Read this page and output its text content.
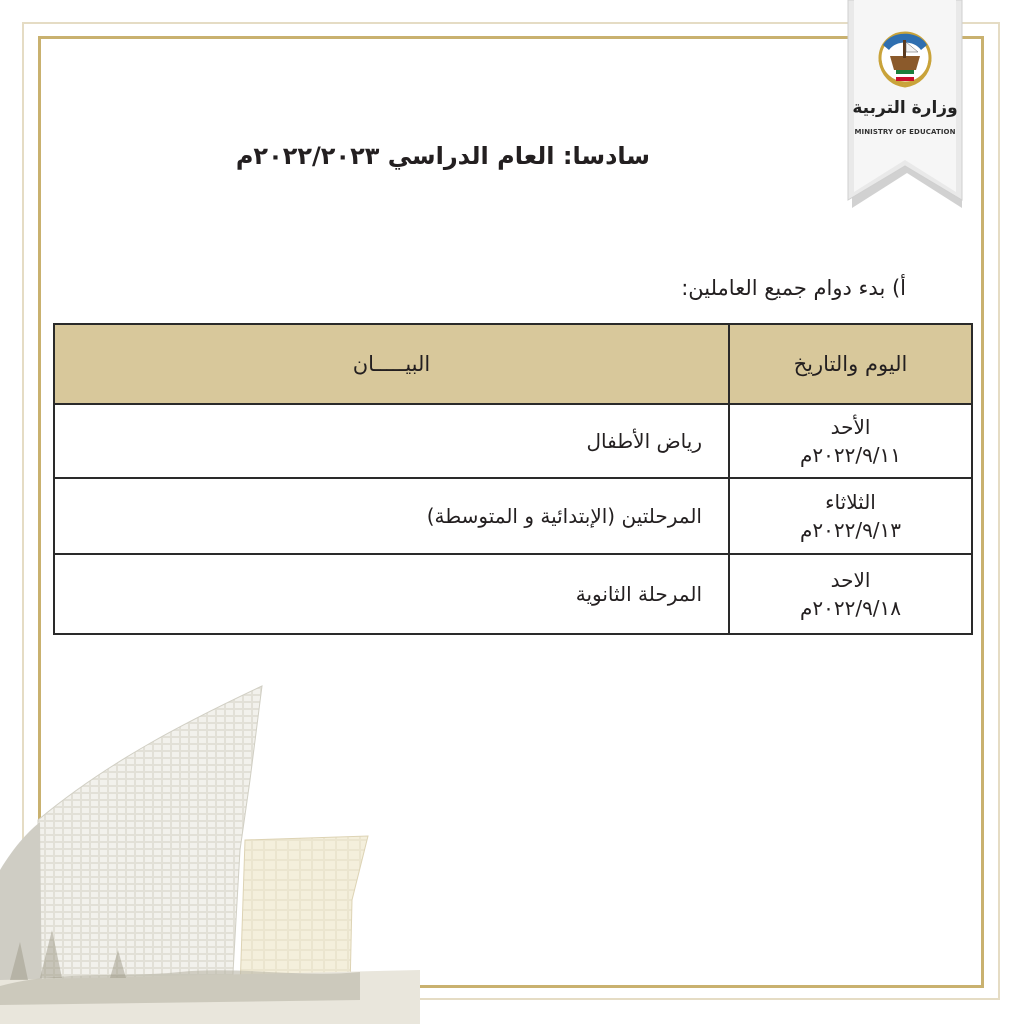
وزارة التربية
MINISTRY OF EDUCATION
سادسا: العام الدراسي ٢٠٢٢/٢٠٢٣م
أ) بدء دوام جميع العاملين:
اليوم والتاريخ	البيـــــان

الأحد
٢٠٢٢/٩/١١م	رياض الأطفال

الثلاثاء
٢٠٢٢/٩/١٣م	المرحلتين (الإبتدائية و المتوسطة)

الاحد
٢٠٢٢/٩/١٨م	المرحلة الثانوية
